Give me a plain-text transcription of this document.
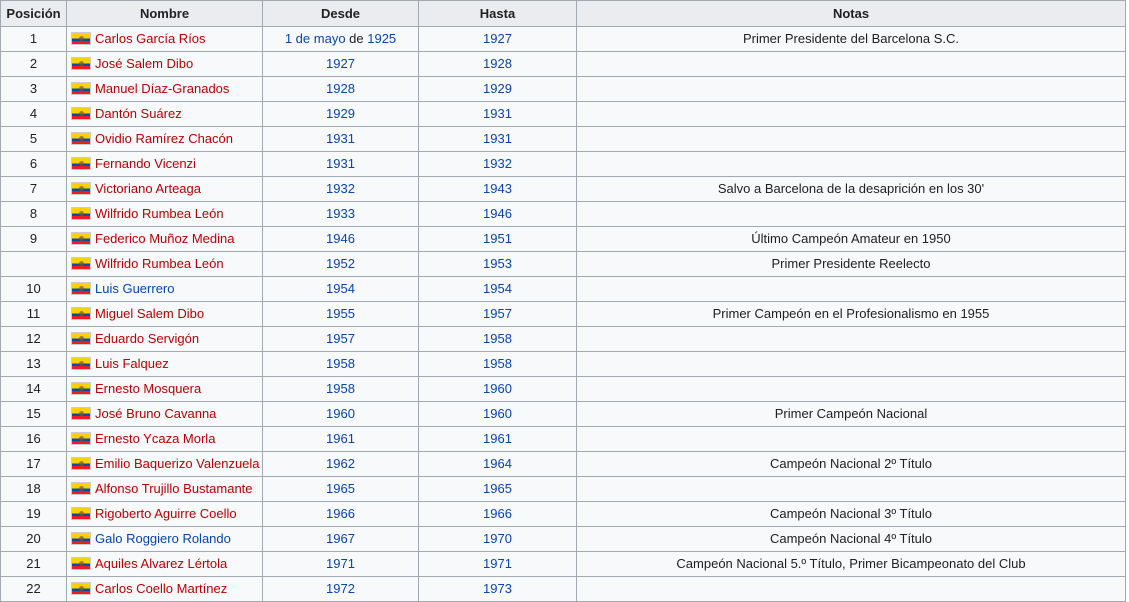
Posición	Nombre	Desde	Hasta	Notas
1	Carlos García Ríos	1 de mayo de 1925	1927	Primer Presidente del Barcelona S.C.
2	José Salem Dibo	1927	1928	
3	Manuel Díaz-Granados	1928	1929	
4	Dantón Suárez	1929	1931	
5	Ovidio Ramírez Chacón	1931	1931	
6	Fernando Vicenzi	1931	1932	
7	Victoriano Arteaga	1932	1943	Salvo a Barcelona de la desaprición en los 30'
8	Wilfrido Rumbea León	1933	1946	
9	Federico Muñoz Medina	1946	1951	Último Campeón Amateur en 1950
	Wilfrido Rumbea León	1952	1953	Primer Presidente Reelecto
10	Luis Guerrero	1954	1954	
11	Miguel Salem Dibo	1955	1957	Primer Campeón en el Profesionalismo en 1955
12	Eduardo Servigón	1957	1958	
13	Luis Falquez	1958	1958	
14	Ernesto Mosquera	1958	1960	
15	José Bruno Cavanna	1960	1960	Primer Campeón Nacional
16	Ernesto Ycaza Morla	1961	1961	
17	Emilio Baquerizo Valenzuela	1962	1964	Campeón Nacional 2º Título
18	Alfonso Trujillo Bustamante	1965	1965	
19	Rigoberto Aguirre Coello	1966	1966	Campeón Nacional 3º Título
20	Galo Roggiero Rolando	1967	1970	Campeón Nacional 4º Título
21	Aquiles Alvarez Lértola	1971	1971	Campeón Nacional 5.º Título, Primer Bicampeonato del Club
22	Carlos Coello Martínez	1972	1973	
